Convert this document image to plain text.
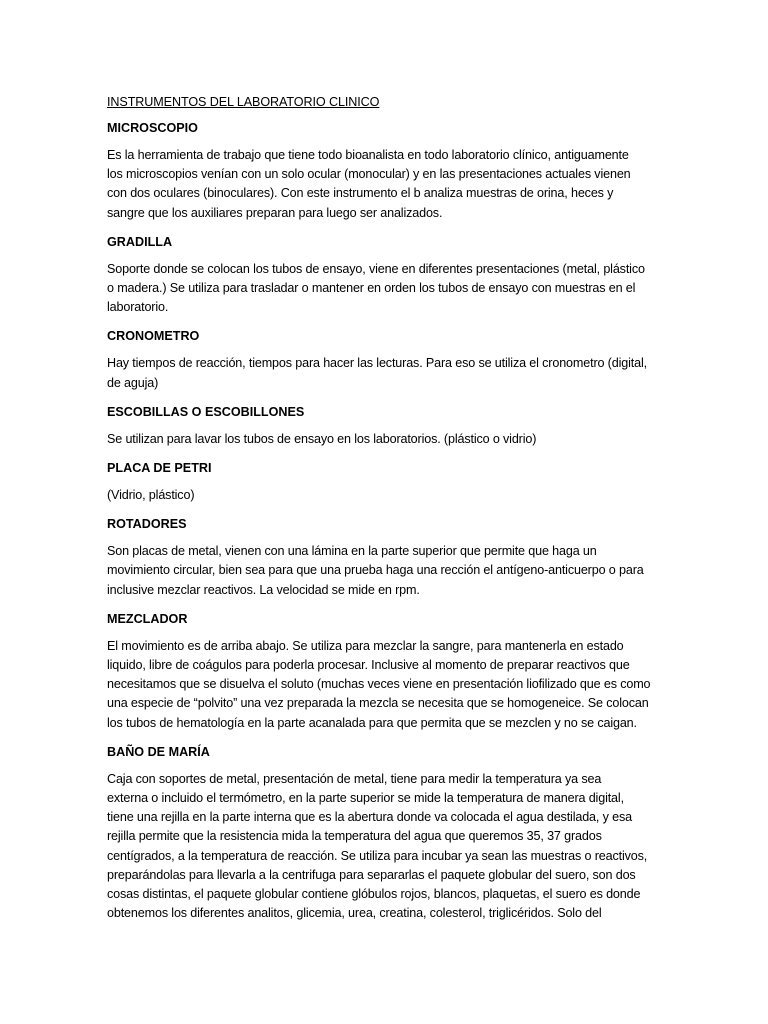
INSTRUMENTOS DEL LABORATORIO CLINICO
MICROSCOPIO
Es la herramienta de trabajo que tiene todo bioanalista en todo laboratorio clínico, antiguamente
los microscopios venían con un solo ocular (monocular) y en las presentaciones actuales vienen
con dos oculares (binoculares). Con este instrumento el b analiza muestras de orina, heces y
sangre que los auxiliares preparan para luego ser analizados.
GRADILLA
Soporte donde se colocan los tubos de ensayo, viene en diferentes presentaciones (metal, plástico
o madera.) Se utiliza para trasladar o mantener en orden los tubos de ensayo con muestras en el
laboratorio.
CRONOMETRO
Hay tiempos de reacción, tiempos para hacer las lecturas. Para eso se utiliza el cronometro (digital,
de aguja)
ESCOBILLAS O ESCOBILLONES
Se utilizan para lavar los tubos de ensayo en los laboratorios. (plástico o vidrio)
PLACA DE PETRI
(Vidrio, plástico)
ROTADORES
Son placas de metal, vienen con una lámina en la parte superior que permite que haga un
movimiento circular, bien sea para que una prueba haga una rección el antígeno-anticuerpo o para
inclusive mezclar reactivos. La velocidad se mide en rpm.
MEZCLADOR
El movimiento es de arriba abajo. Se utiliza para mezclar la sangre, para mantenerla en estado
liquido, libre de coágulos para poderla procesar. Inclusive al momento de preparar reactivos que
necesitamos que se disuelva el soluto (muchas veces viene en presentación liofilizado que es como
una especie de “polvito” una vez preparada la mezcla se necesita que se homogeneice. Se colocan
los tubos de hematología en la parte acanalada para que permita que se mezclen y no se caigan.
BAÑO DE MARÍA
Caja con soportes de metal, presentación de metal, tiene para medir la temperatura ya sea
externa o incluido el termómetro, en la parte superior se mide la temperatura de manera digital,
tiene una rejilla en la parte interna que es la abertura donde va colocada el agua destilada, y esa
rejilla permite que la resistencia mida la temperatura del agua que queremos 35, 37 grados
centígrados, a la temperatura de reacción. Se utiliza para incubar ya sean las muestras o reactivos,
preparándolas para llevarla a la centrifuga para separarlas el paquete globular del suero, son dos
cosas distintas, el paquete globular contiene glóbulos rojos, blancos, plaquetas, el suero es donde
obtenemos los diferentes analitos, glicemia, urea, creatina, colesterol, triglicéridos. Solo del
